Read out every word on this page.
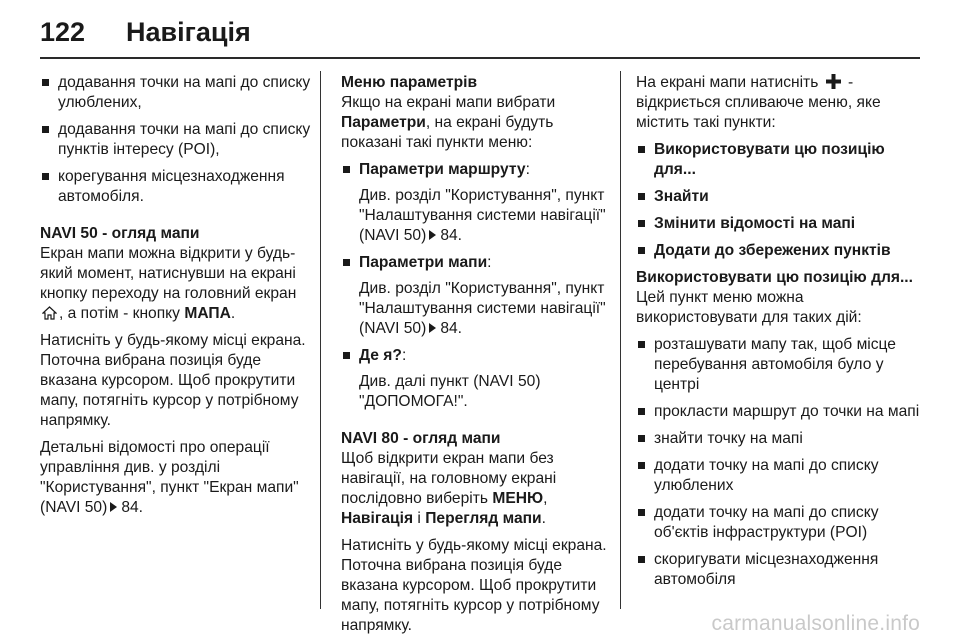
122	Навігація
додавання точки на мапі до списку улюблених,
додавання точки на мапі до списку пунктів інтересу (POI),
корегування місцезнаходження автомобіля.
NAVI 50 - огляд мапи
Екран мапи можна відкрити у будь-який момент, натиснувши на екрані кнопку переходу на головний екран , а потім - кнопку МАПА.
Натисніть у будь-якому місці екрана. Поточна вибрана позиція буде вказана курсором. Щоб прокрутити мапу, потягніть курсор у потрібному напрямку.
Детальні відомості про операції управління див. у розділі "Користування", пункт "Екран мапи" (NAVI 50) 84.
Меню параметрів
Якщо на екрані мапи вибрати Параметри, на екрані будуть показані такі пункти меню:
Параметри маршруту:
Див. розділ "Користування", пункт "Налаштування системи навігації" (NAVI 50) 84.
Параметри мапи:
Див. розділ "Користування", пункт "Налаштування системи навігації" (NAVI 50) 84.
Де я?:
Див. далі пункт (NAVI 50) "ДОПОМОГА!".
NAVI 80 - огляд мапи
Щоб відкрити екран мапи без навігації, на головному екрані послідовно виберіть МЕНЮ, Навігація і Перегляд мапи.
Натисніть у будь-якому місці екрана. Поточна вибрана позиція буде вказана курсором. Щоб прокрутити мапу, потягніть курсор у потрібному напрямку.
На екрані мапи натисніть - відкриється спливаюче меню, яке містить такі пункти:
Використовувати цю позицію для...
Знайти
Змінити відомості на мапі
Додати до збережених пунктів
Використовувати цю позицію для...
Цей пункт меню можна використовувати для таких дій:
розташувати мапу так, щоб місце перебування автомобіля було у центрі
прокласти маршрут до точки на мапі
знайти точку на мапі
додати точку на мапі до списку улюблених
додати точку на мапі до списку об'єктів інфраструктури (POI)
скоригувати місцезнаходження автомобіля
carmanualsonline.info
